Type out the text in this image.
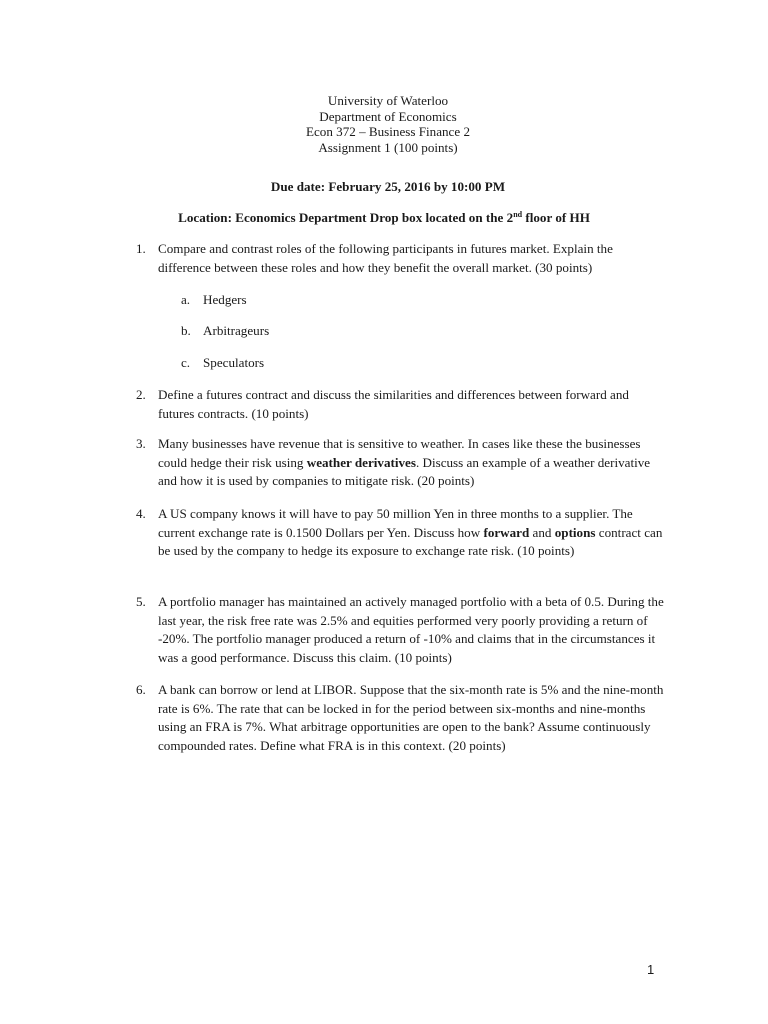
University of Waterloo
Department of Economics
Econ 372 – Business Finance 2
Assignment 1 (100 points)
Due date: February 25, 2016 by 10:00 PM
Location: Economics Department Drop box located on the 2nd floor of HH
1. Compare and contrast roles of the following participants in futures market. Explain the difference between these roles and how they benefit the overall market. (30 points)
a. Hedgers
b. Arbitrageurs
c. Speculators
2. Define a futures contract and discuss the similarities and differences between forward and futures contracts. (10 points)
3. Many businesses have revenue that is sensitive to weather. In cases like these the businesses could hedge their risk using weather derivatives. Discuss an example of a weather derivative and how it is used by companies to mitigate risk. (20 points)
4. A US company knows it will have to pay 50 million Yen in three months to a supplier. The current exchange rate is 0.1500 Dollars per Yen. Discuss how forward and options contract can be used by the company to hedge its exposure to exchange rate risk. (10 points)
5. A portfolio manager has maintained an actively managed portfolio with a beta of 0.5. During the last year, the risk free rate was 2.5% and equities performed very poorly providing a return of -20%. The portfolio manager produced a return of -10% and claims that in the circumstances it was a good performance. Discuss this claim. (10 points)
6. A bank can borrow or lend at LIBOR. Suppose that the six-month rate is 5% and the nine-month rate is 6%. The rate that can be locked in for the period between six-months and nine-months using an FRA is 7%. What arbitrage opportunities are open to the bank? Assume continuously compounded rates. Define what FRA is in this context. (20 points)
1
